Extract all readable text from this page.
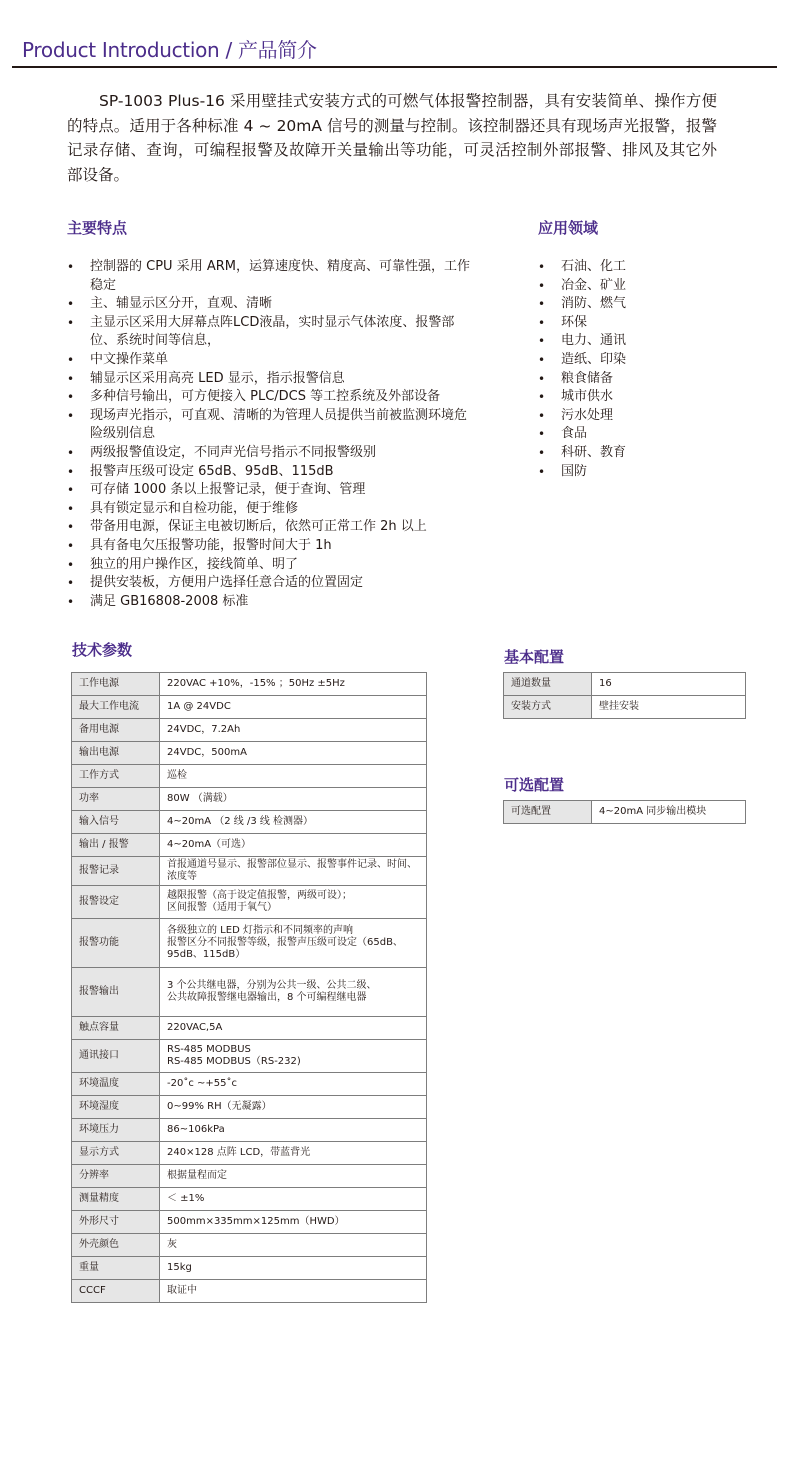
Product Introduction / 产品简介

SP-1003 Plus-16 采用壁挂式安装方式的可燃气体报警控制器，具有安装简单、操作方便的特点。适用于各种标准 4 ~ 20mA 信号的测量与控制。该控制器还具有现场声光报警，报警记录存储、查询，可编程报警及故障开关量输出等功能，可灵活控制外部报警、排风及其它外部设备。

主要特点
• 控制器的 CPU 采用 ARM，运算速度快、精度高、可靠性强，工作稳定
• 主、辅显示区分开，直观、清晰
• 主显示区采用大屏幕点阵LCD液晶，实时显示气体浓度、报警部位、系统时间等信息，
• 中文操作菜单
• 辅显示区采用高亮 LED 显示，指示报警信息
• 多种信号输出，可方便接入 PLC/DCS 等工控系统及外部设备
• 现场声光指示，可直观、清晰的为管理人员提供当前被监测环境危险级别信息
• 两级报警值设定，不同声光信号指示不同报警级别
• 报警声压级可设定 65dB、95dB、115dB
• 可存储 1000 条以上报警记录，便于查询、管理
• 具有锁定显示和自检功能，便于维修
• 带备用电源，保证主电被切断后，依然可正常工作 2h 以上
• 具有备电欠压报警功能，报警时间大于 1h
• 独立的用户操作区，接线简单、明了
• 提供安装板，方便用户选择任意合适的位置固定
• 满足 GB16808-2008 标准
应用领域
• 石油、化工
• 冶金、矿业
• 消防、燃气
• 环保
• 电力、通讯
• 造纸、印染
• 粮食储备
• 城市供水
• 污水处理
• 食品
• 科研、教育
• 国防
技术参数
工作电源	220VAC +10%，-15% ；50Hz ±5Hz
最大工作电流	1A @ 24VDC
备用电源	24VDC，7.2Ah
输出电源	24VDC，500mA
工作方式	巡检
功率	80W （满载）
输入信号	4~20mA （2 线 /3 线 检测器）
输出 / 报警	4~20mA（可选）
报警记录	首报通道号显示、报警部位显示、报警事件记录、时间、浓度等
报警设定	越限报警（高于设定值报警，两级可设）；
区间报警（适用于氧气）
报警功能	各级独立的 LED 灯指示和不同频率的声响
报警区分不同报警等级，报警声压级可设定（65dB、95dB、115dB）
报警输出	3 个公共继电器，分别为公共一级、公共二级、
公共故障报警继电器输出，8 个可编程继电器
触点容量	220VAC,5A
通讯接口	RS-485 MODBUS
RS-485 MODBUS（RS-232)
环境温度	-20˚c ~+55˚c
环境湿度	0~99% RH（无凝露）
环境压力	86~106kPa
显示方式	240×128 点阵 LCD，带蓝背光
分辨率	根据量程而定
测量精度	＜ ±1%
外形尺寸	500mm×335mm×125mm（HWD）
外壳颜色	灰
重量	15kg
CCCF	取证中
基本配置
通道数量	16
安装方式	壁挂安装
可选配置
可选配置	4~20mA 同步输出模块
